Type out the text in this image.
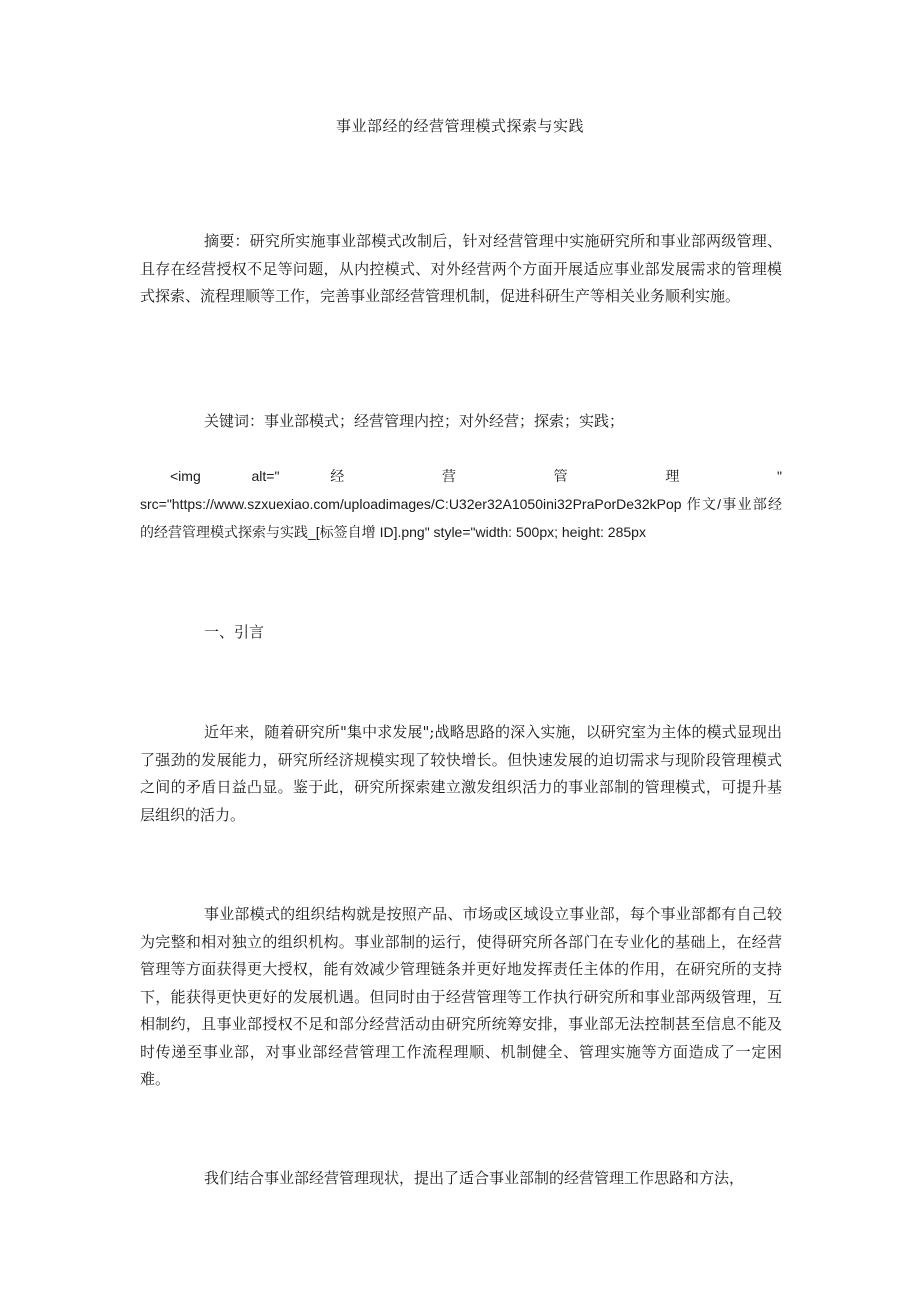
事业部经的经营管理模式探索与实践
摘要：研究所实施事业部模式改制后，针对经营管理中实施研究所和事业部两级管理、且存在经营授权不足等问题，从内控模式、对外经营两个方面开展适应事业部发展需求的管理模式探索、流程理顺等工作，完善事业部经营管理机制，促进科研生产等相关业务顺利实施。
关键词：事业部模式；经营管理内控；对外经营；探索；实践；
<img alt=" 经 营 管 理 "
src="https://www.szxuexiao.com/uploadimages/C:U32er32A1050ini32PraPorDe32kPop 作文/事业部经的经营管理模式探索与实践_[标签自增 ID].png" style="width: 500px; height: 285px
一、引言
近年来，随着研究所"集中求发展";战略思路的深入实施，以研究室为主体的模式显现出了强劲的发展能力，研究所经济规模实现了较快增长。但快速发展的迫切需求与现阶段管理模式之间的矛盾日益凸显。鉴于此，研究所探索建立激发组织活力的事业部制的管理模式，可提升基层组织的活力。
事业部模式的组织结构就是按照产品、市场或区域设立事业部，每个事业部都有自己较为完整和相对独立的组织机构。事业部制的运行，使得研究所各部门在专业化的基础上，在经营管理等方面获得更大授权，能有效减少管理链条并更好地发挥责任主体的作用，在研究所的支持下，能获得更快更好的发展机遇。但同时由于经营管理等工作执行研究所和事业部两级管理，互相制约，且事业部授权不足和部分经营活动由研究所统筹安排，事业部无法控制甚至信息不能及时传递至事业部，对事业部经营管理工作流程理顺、机制健全、管理实施等方面造成了一定困难。
我们结合事业部经营管理现状，提出了适合事业部制的经营管理工作思路和方法，
